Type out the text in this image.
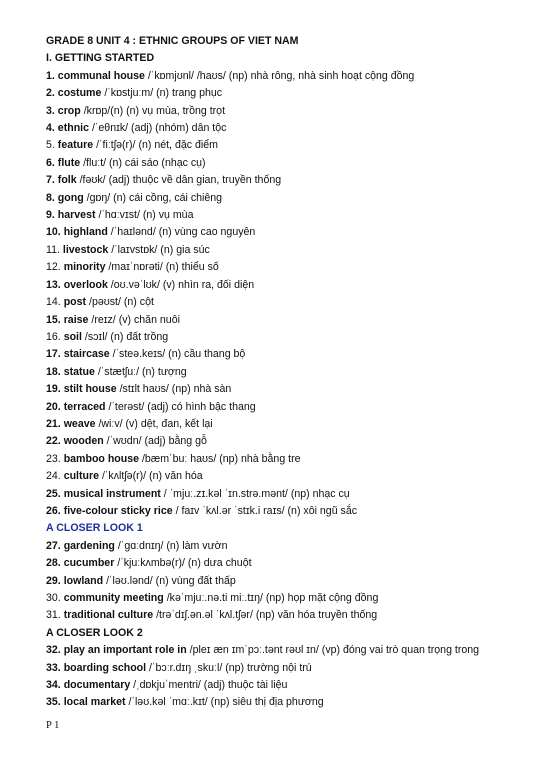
GRADE 8 UNIT 4 : ETHNIC GROUPS OF VIET NAM
I. GETTING STARTED
1. communal house /ˈkɒmjʊnl/ /haʊs/ (np) nhà rông, nhà sinh hoạt cộng đồng
2. costume /ˈkɒstjuːm/ (n) trang phục
3. crop /krɒp/(n) (n) vụ mùa, trồng trọt
4. ethnic /ˈeθnɪk/ (adj) (nhóm) dân tộc
5. feature /ˈfiːtʃə(r)/ (n) nét, đặc điểm
6. flute /fluːt/ (n) cái sáo (nhạc cụ)
7. folk /fəʊk/ (adj) thuộc về dân gian, truyền thống
8. gong /gɒŋ/ (n) cái cồng, cái chiêng
9. harvest /ˈhɑːvɪst/ (n) vụ mùa
10. highland /ˈhaɪlənd/ (n) vùng cao nguyên
11. livestock /ˈlaɪvstɒk/ (n) gia súc
12. minority /maɪˈnɒrəti/ (n) thiểu số
13. overlook /oʊ.vəˈlʊk/ (v) nhìn ra, đối diện
14. post /pəʊst/ (n) cột
15. raise /reɪz/ (v) chăn nuôi
16. soil /sɔɪl/ (n) đất trồng
17. staircase /ˈsteə.keɪs/ (n) cầu thang bộ
18. statue /ˈstætʃuː/ (n) tượng
19. stilt house /stɪlt haʊs/ (np) nhà sàn
20. terraced /ˈterəst/ (adj) có hình bậc thang
21. weave /wiːv/ (v) dệt, đan, kết lại
22. wooden /ˈwʊdn/ (adj) bằng gỗ
23. bamboo house /bæmˈbuː haʊs/ (np) nhà bằng tre
24. culture /ˈkʌltʃə(r)/ (n) văn hóa
25. musical instrument / ˈmjuː.zɪ.kəl ˈɪn.strə.mənt/ (np) nhạc cụ
26. five-colour sticky rice / faɪv ˈkʌl.ər ˈstɪk.i raɪs/ (n) xôi ngũ sắc
A CLOSER LOOK 1
27. gardening /ˈgɑːdnɪŋ/ (n) làm vườn
28. cucumber /ˈkjuːkʌmbə(r)/ (n) dưa chuột
29. lowland /ˈləʊ.lənd/ (n) vùng đất thấp
30. community meeting /kəˈmjuː.nə.ti miː.tɪŋ/ (np) họp mặt cộng đồng
31. traditional culture /trəˈdɪʃ.ən.əl ˈkʌl.tʃər/ (np) văn hóa truyền thống
A CLOSER LOOK 2
32. play an important role in /pleɪ æn ɪmˈpɔː.tənt rəʊl ɪn/ (vp) đóng vai trò quan trọng trong
33. boarding school /ˈbɔːr.dɪŋ ˌskuːl/ (np) trường nội trú
34. documentary /ˌdɒkjuˈmentri/ (adj) thuộc tài liệu
35. local market /ˈləʊ.kəl ˈmɑː.kɪt/ (np) siêu thị địa phương
P 1
